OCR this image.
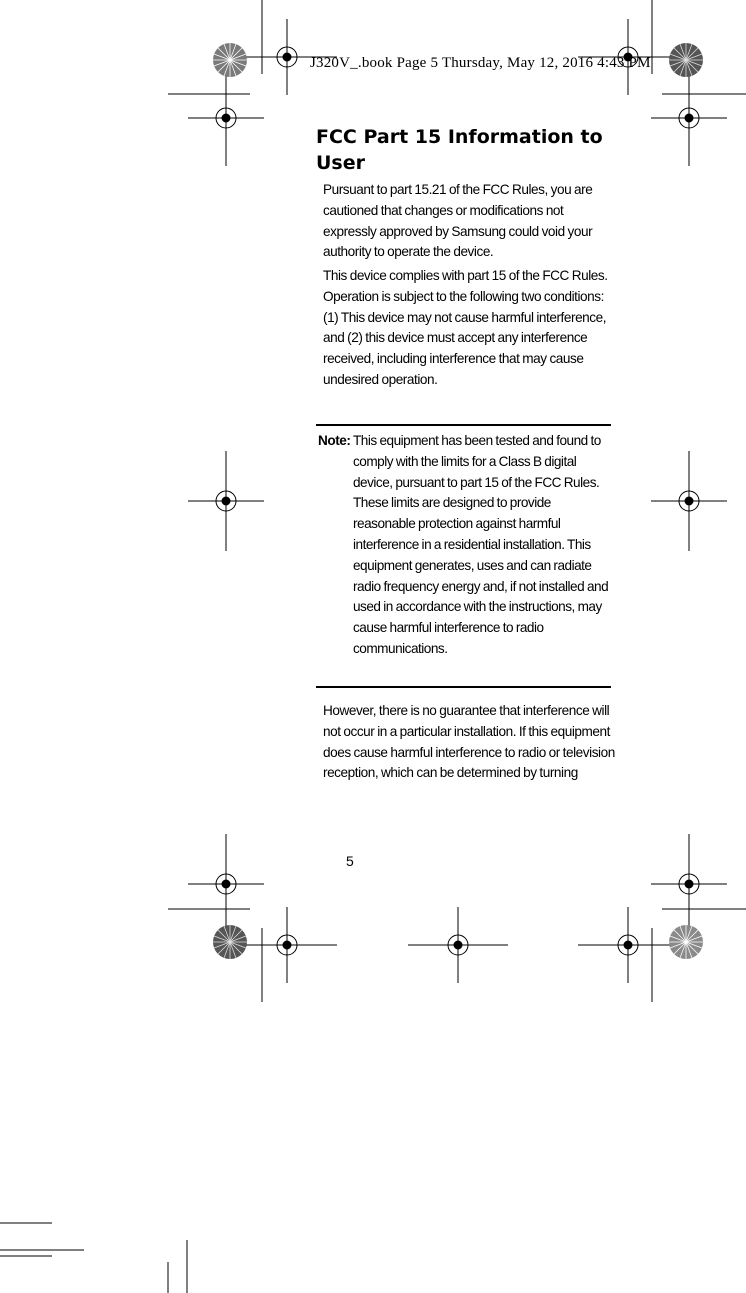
J320V_.book Page 5 Thursday, May 12, 2016 4:43 PM
FCC Part 15 Information to User

Pursuant to part 15.21 of the FCC Rules, you are cautioned that changes or modifications not expressly approved by Samsung could void your authority to operate the device.

This device complies with part 15 of the FCC Rules. Operation is subject to the following two conditions: (1) This device may not cause harmful interference, and (2) this device must accept any interference received, including interference that may cause undesired operation.

Note: This equipment has been tested and found to comply with the limits for a Class B digital device, pursuant to part 15 of the FCC Rules. These limits are designed to provide reasonable protection against harmful interference in a residential installation. This equipment generates, uses and can radiate radio frequency energy and, if not installed and used in accordance with the instructions, may cause harmful interference to radio communications.

However, there is no guarantee that interference will not occur in a particular installation. If this equipment does cause harmful interference to radio or television reception, which can be determined by turning

5
